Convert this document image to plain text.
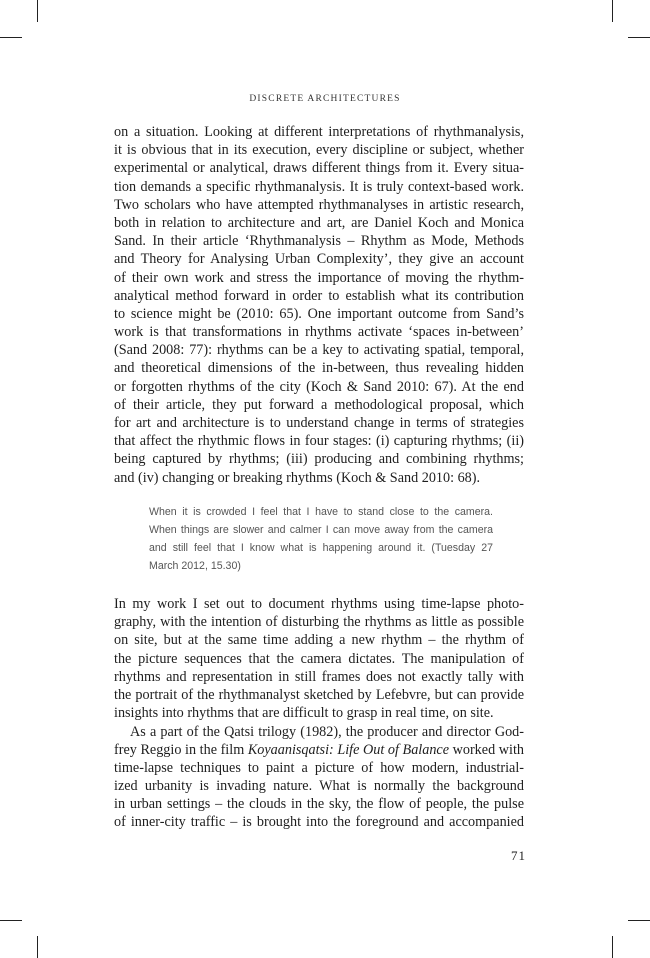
DISCRETE ARCHITECTURES
on a situation. Looking at different interpretations of rhythmanalysis,
it is obvious that in its execution, every discipline or subject, whether
experimental or analytical, draws different things from it. Every situa-
tion demands a specific rhythmanalysis. It is truly context-based work.
Two scholars who have attempted rhythmanalyses in artistic research,
both in relation to architecture and art, are Daniel Koch and Monica
Sand. In their article ‘Rhythmanalysis – Rhythm as Mode, Methods
and Theory for Analysing Urban Complexity’, they give an account
of their own work and stress the importance of moving the rhythm-
analytical method forward in order to establish what its contribution
to science might be (2010: 65). One important outcome from Sand’s
work is that transformations in rhythms activate ‘spaces in-between’
(Sand 2008: 77): rhythms can be a key to activating spatial, temporal,
and theoretical dimensions of the in-between, thus revealing hidden
or forgotten rhythms of the city (Koch & Sand 2010: 67). At the end
of their article, they put forward a methodological proposal, which
for art and architecture is to understand change in terms of strategies
that affect the rhythmic flows in four stages: (i) capturing rhythms; (ii)
being captured by rhythms; (iii) producing and combining rhythms;
and (iv) changing or breaking rhythms (Koch & Sand 2010: 68).
When it is crowded I feel that I have to stand close to the camera.
When things are slower and calmer I can move away from the camera
and still feel that I know what is happening around it. (Tuesday 27
March 2012, 15.30)
In my work I set out to document rhythms using time-lapse photo-
graphy, with the intention of disturbing the rhythms as little as possible
on site, but at the same time adding a new rhythm – the rhythm of
the picture sequences that the camera dictates. The manipulation of
rhythms and representation in still frames does not exactly tally with
the portrait of the rhythmanalyst sketched by Lefebvre, but can provide
insights into rhythms that are difficult to grasp in real time, on site.
As a part of the Qatsi trilogy (1982), the producer and director God-
frey Reggio in the film Koyaanisqatsi: Life Out of Balance worked with
time-lapse techniques to paint a picture of how modern, industrial-
ized urbanity is invading nature. What is normally the background
in urban settings – the clouds in the sky, the flow of people, the pulse
of inner-city traffic – is brought into the foreground and accompanied
71
